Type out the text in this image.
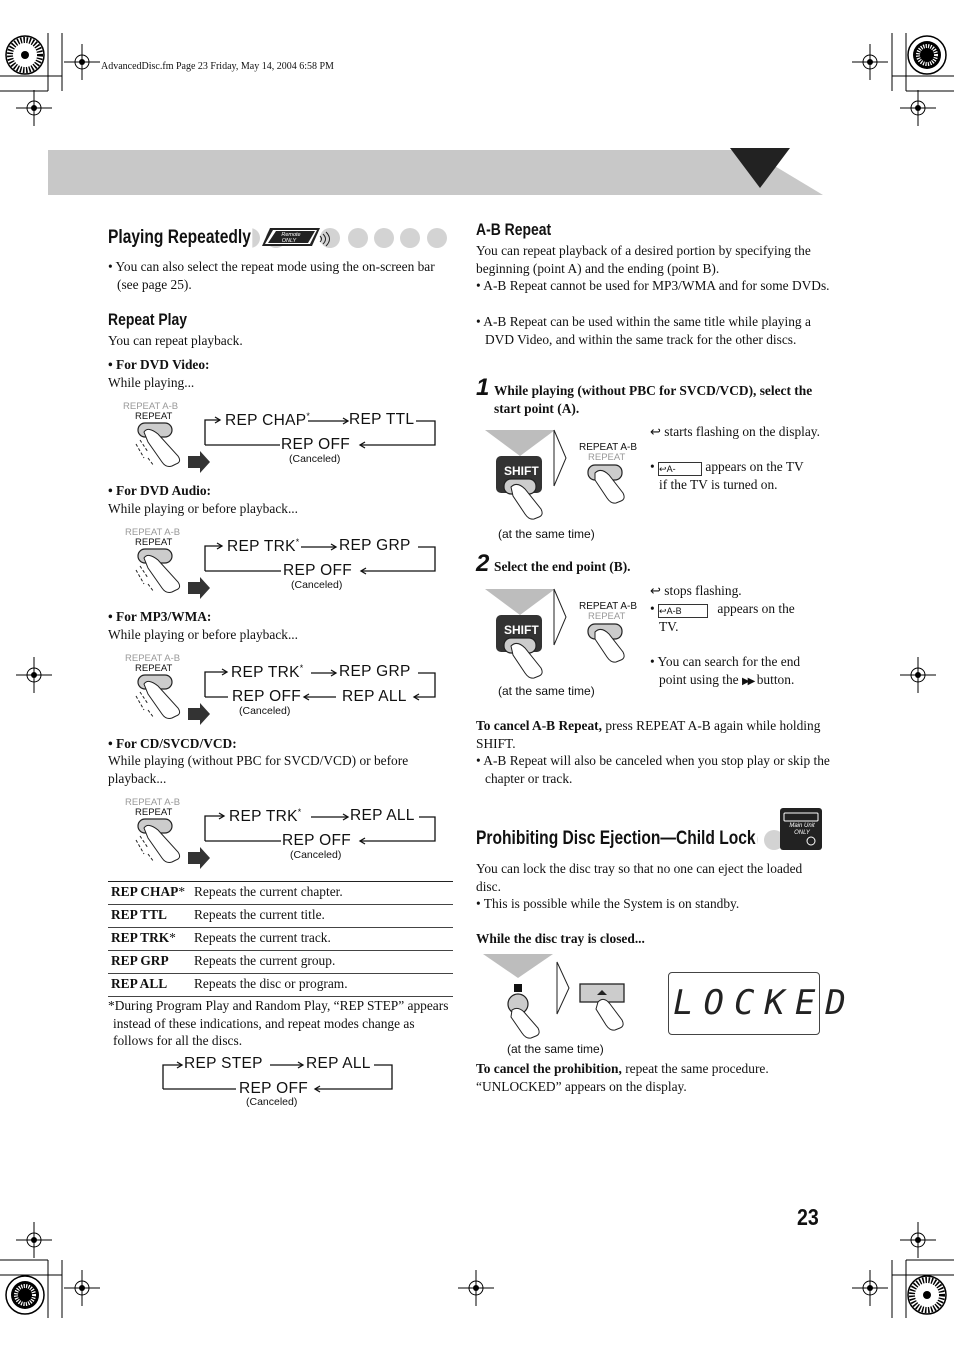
AdvancedDisc.fm Page 23 Friday, May 14, 2004 6:58 PM
Remote
ONLY
Playing Repeatedly
• You can also select the repeat mode using the on-screen bar (see page 25).
Repeat Play
You can repeat playback.
• For DVD Video:
While playing...
REPEAT A-B
REPEAT	REP CHAP*	REP TTL
REP OFF
(Canceled)
• For DVD Audio:
While playing or before playback...
REPEAT A-B
REPEAT	REP TRK*	REP GRP
REP OFF
(Canceled)
• For MP3/WMA:
While playing or before playback...
REPEAT A-B
REPEAT	REP TRK* REP GRP
REP OFF	REP ALL
(Canceled)
• For CD/SVCD/VCD:
While playing (without PBC for SVCD/VCD) or before playback...
REPEAT A-B
REPEAT	REP TRK*	REP ALL
REP OFF
(Canceled)
REP CHAP*	Repeats the current chapter.
REP TTL	Repeats the current title.
REP TRK*	Repeats the current track.
REP GRP	Repeats the current group.
REP ALL	Repeats the disc or program.
*During Program Play and Random Play, “REP STEP” appears instead of these indications, and repeat modes change as follows for all the discs.
REP STEP	REP ALL
REP OFF
(Canceled)
A-B Repeat
You can repeat playback of a desired portion by specifying the beginning (point A) and the ending (point B).
• A-B Repeat cannot be used for MP3/WMA and for some DVDs.
• A-B Repeat can be used within the same title while playing a DVD Video, and within the same track for the other discs.
1 While playing (without PBC for SVCD/VCD), select the start point (A).
SHIFT
REPEAT A-B
REPEAT
(at the same time)
↩ starts flashing on the display.
• ↩A- appears on the TV
if the TV is turned on.
2 Select the end point (B).
SHIFT
REPEAT A-B
REPEAT
(at the same time)
↩ stops flashing.
• ↩A-B	appears on the
TV.
• You can search for the end
point using the ▶▶ button.
To cancel A-B Repeat, press REPEAT A-B again while holding SHIFT.
• A-B Repeat will also be canceled when you stop play or skip the chapter or track.
Main Unit
ONLY
Prohibiting Disc Ejection—Child Lock
You can lock the disc tray so that no one can eject the loaded disc.
• This is possible while the System is on standby.
While the disc tray is closed...
(at the same time)
LOCKED
To cancel the prohibition, repeat the same procedure.
“UNLOCKED” appears on the display.
23
